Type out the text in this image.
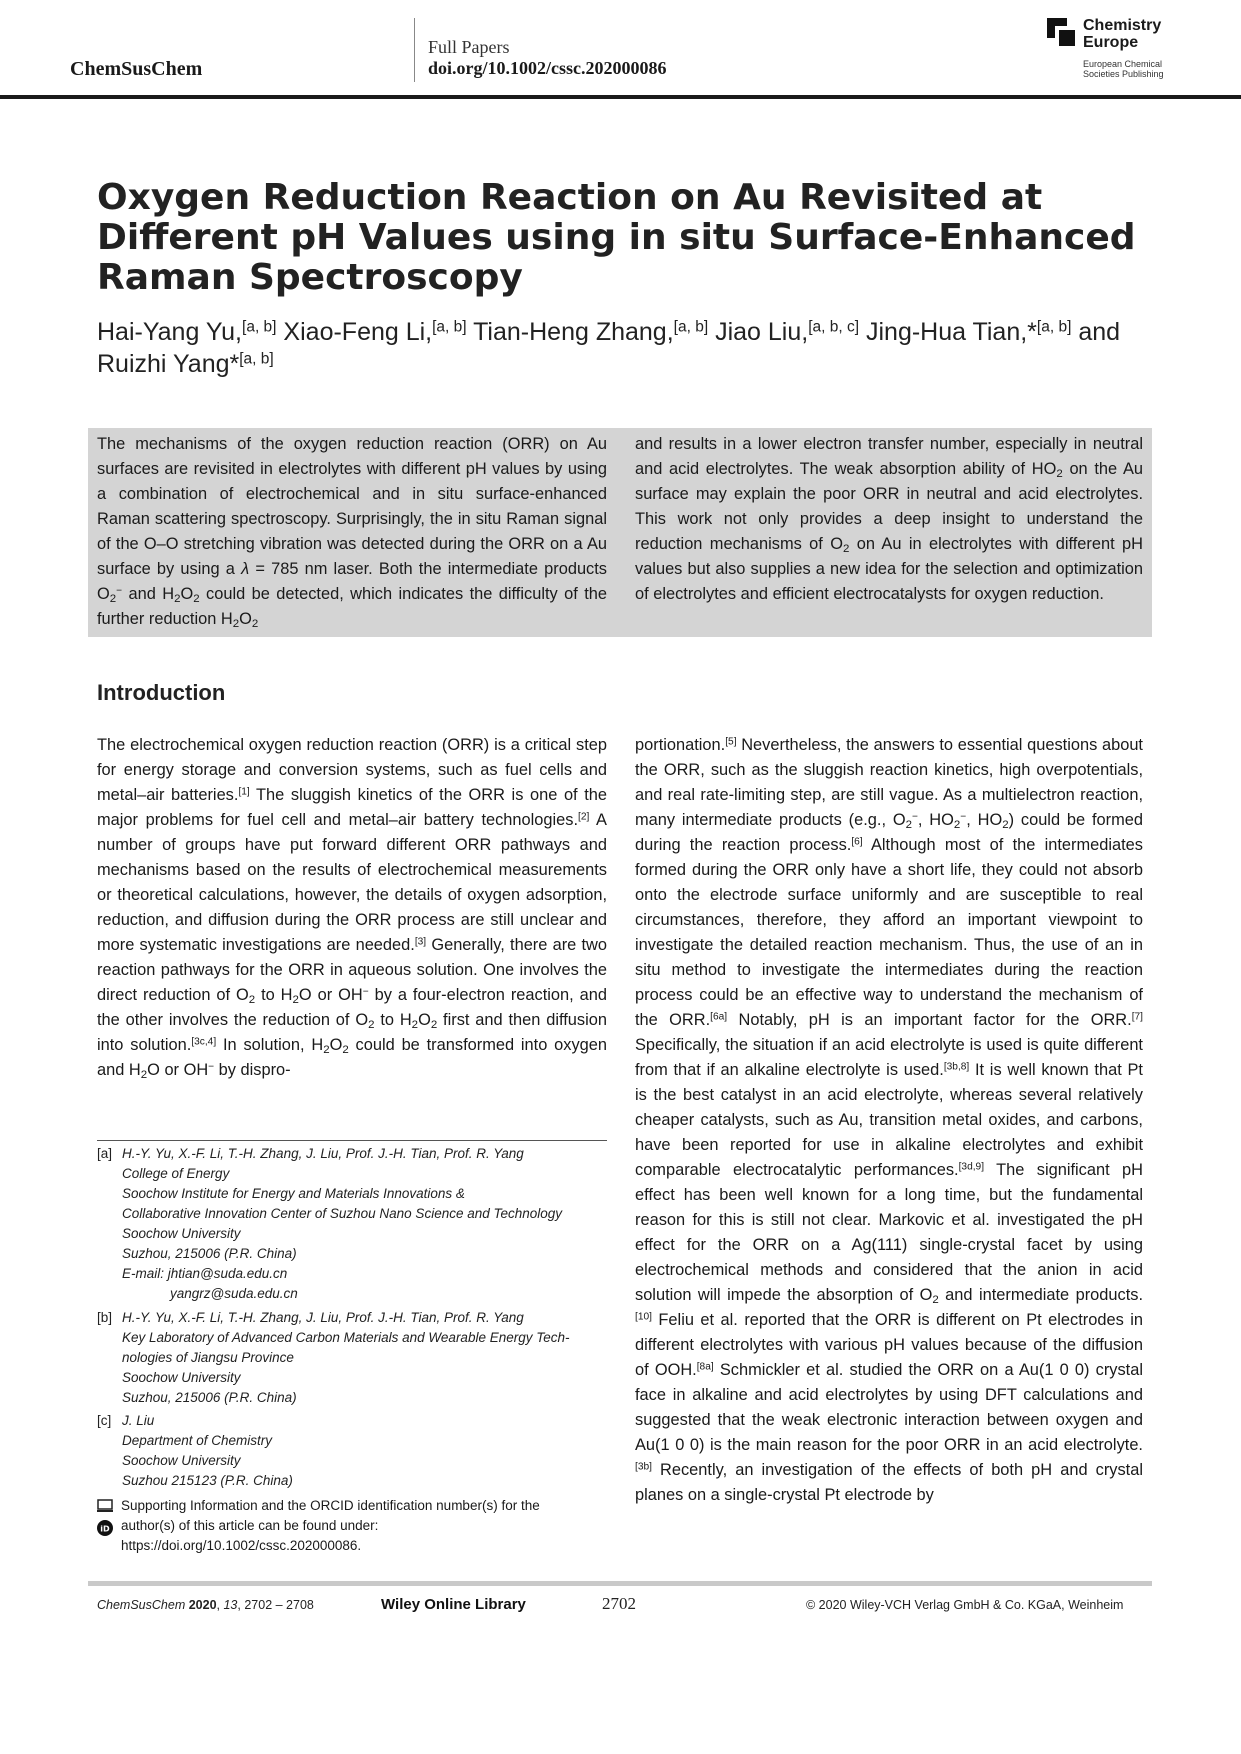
ChemSusChem
Full Papers
doi.org/10.1002/cssc.202000086
Chemistry Europe
European Chemical
Societies Publishing
Oxygen Reduction Reaction on Au Revisited at Different pH Values using in situ Surface-Enhanced Raman Spectroscopy
Hai-Yang Yu,[a, b] Xiao-Feng Li,[a, b] Tian-Heng Zhang,[a, b] Jiao Liu,[a, b, c] Jing-Hua Tian,*[a, b] and
Ruizhi Yang*[a, b]

The mechanisms of the oxygen reduction reaction (ORR) on Au surfaces are revisited in electrolytes with different pH values by using a combination of electrochemical and in situ surface-enhanced Raman scattering spectroscopy. Surprisingly, the in situ Raman signal of the O–O stretching vibration was detected during the ORR on a Au surface by using a λ = 785 nm laser. Both the intermediate products $O_2^-$ and $H_2O_2$ could be detected, which indicates the difficulty of the further reduction $H_2O_2$

and results in a lower electron transfer number, especially in neutral and acid electrolytes. The weak absorption ability of $HO_2$ on the Au surface may explain the poor ORR in neutral and acid electrolytes. This work not only provides a deep insight to understand the reduction mechanisms of $O_2$ on Au in electrolytes with different pH values but also supplies a new idea for the selection and optimization of electrolytes and efficient electrocatalysts for oxygen reduction.

Introduction

The electrochemical oxygen reduction reaction (ORR) is a critical step for energy storage and conversion systems, such as fuel cells and metal–air batteries.[1] The sluggish kinetics of the ORR is one of the major problems for fuel cell and metal–air battery technologies.[2] A number of groups have put forward different ORR pathways and mechanisms based on the results of electrochemical measurements or theoretical calculations, however, the details of oxygen adsorption, reduction, and diffusion during the ORR process are still unclear and more systematic investigations are needed.[3] Generally, there are two reaction pathways for the ORR in aqueous solution. One involves the direct reduction of $O_2$ to $H_2O$ or OH− by a four-electron reaction, and the other involves the reduction of $O_2$ to $H_2O_2$ first and then diffusion into solution.[3c,4] In solution, $H_2O_2$ could be transformed into oxygen and $H_2O$ or OH− by dispro-

portionation.[5] Nevertheless, the answers to essential questions about the ORR, such as the sluggish reaction kinetics, high overpotentials, and real rate-limiting step, are still vague. As a multielectron reaction, many intermediate products (e.g., $O_2^-$, $HO_2^-$, $HO_2$) could be formed during the reaction process.[6] Although most of the intermediates formed during the ORR only have a short life, they could not absorb onto the electrode surface uniformly and are susceptible to real circumstances, therefore, they afford an important viewpoint to investigate the detailed reaction mechanism. Thus, the use of an in situ method to investigate the intermediates during the reaction process could be an effective way to understand the mechanism of the ORR.[6a] Notably, pH is an important factor for the ORR.[7] Specifically, the situation if an acid electrolyte is used is quite different from that if an alkaline electrolyte is used.[3b,8] It is well known that Pt is the best catalyst in an acid electrolyte, whereas several relatively cheaper catalysts, such as Au, transition metal oxides, and carbons, have been reported for use in alkaline electrolytes and exhibit comparable electrocatalytic performances.[3d,9] The significant pH effect has been well known for a long time, but the fundamental reason for this is still not clear. Markovic et al. investigated the pH effect for the ORR on a Ag(111) single-crystal facet by using electrochemical methods and considered that the anion in acid solution will impede the absorption of $O_2$ and intermediate products.[10] Feliu et al. reported that the ORR is different on Pt electrodes in different electrolytes with various pH values because of the diffusion of OOH.[8a] Schmickler et al. studied the ORR on a Au(1 0 0) crystal face in alkaline and acid electrolytes by using DFT calculations and suggested that the weak electronic interaction between oxygen and Au(1 0 0) is the main reason for the poor ORR in an acid electrolyte.[3b] Recently, an investigation of the effects of both pH and crystal planes on a single-crystal Pt electrode by

[a] H.-Y. Yu, X.-F. Li, T.-H. Zhang, J. Liu, Prof. J.-H. Tian, Prof. R. Yang
College of Energy
Soochow Institute for Energy and Materials Innovations &
Collaborative Innovation Center of Suzhou Nano Science and Technology
Soochow University
Suzhou, 215006 (P.R. China)
E-mail: jhtian@suda.edu.cn
yangrz@suda.edu.cn
[b] H.-Y. Yu, X.-F. Li, T.-H. Zhang, J. Liu, Prof. J.-H. Tian, Prof. R. Yang
Key Laboratory of Advanced Carbon Materials and Wearable Energy Tech-
nologies of Jiangsu Province
Soochow University
Suzhou, 215006 (P.R. China)
[c] J. Liu
Department of Chemistry
Soochow University
Suzhou 215123 (P.R. China)
iD
Supporting Information and the ORCID identification number(s) for the
author(s) of this article can be found under:
https://doi.org/10.1002/cssc.202000086.
ChemSusChem 2020, 13, 2702 – 2708	Wiley Online Library	2702	© 2020 Wiley-VCH Verlag GmbH & Co. KGaA, Weinheim
